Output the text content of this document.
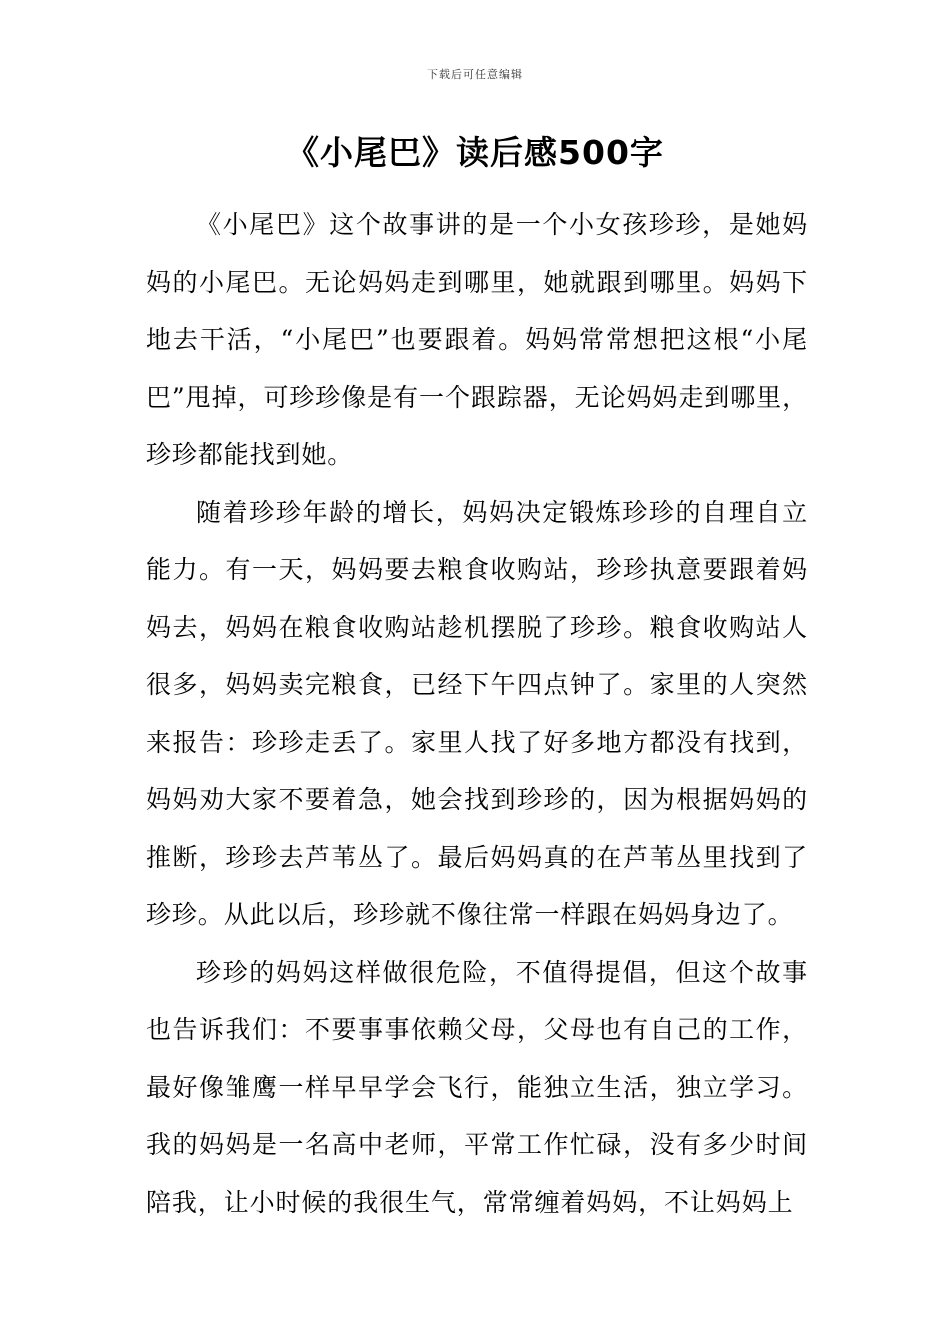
下载后可任意编辑
《小尾巴》读后感500字

《小尾巴》这个故事讲的是一个小女孩珍珍，是她妈妈的小尾巴。无论妈妈走到哪里，她就跟到哪里。妈妈下地去干活，“小尾巴”也要跟着。妈妈常常想把这根“小尾巴”甩掉，可珍珍像是有一个跟踪器，无论妈妈走到哪里，珍珍都能找到她。

随着珍珍年龄的增长，妈妈决定锻炼珍珍的自理自立能力。有一天，妈妈要去粮食收购站，珍珍执意要跟着妈妈去，妈妈在粮食收购站趁机摆脱了珍珍。粮食收购站人很多，妈妈卖完粮食，已经下午四点钟了。家里的人突然来报告：珍珍走丢了。家里人找了好多地方都没有找到，妈妈劝大家不要着急，她会找到珍珍的，因为根据妈妈的推断，珍珍去芦苇丛了。最后妈妈真的在芦苇丛里找到了珍珍。从此以后，珍珍就不像往常一样跟在妈妈身边了。

珍珍的妈妈这样做很危险，不值得提倡，但这个故事也告诉我们：不要事事依赖父母，父母也有自己的工作，最好像雏鹰一样早早学会飞行，能独立生活，独立学习。我的妈妈是一名高中老师，平常工作忙碌，没有多少时间陪我，让小时候的我很生气，常常缠着妈妈，不让妈妈上
